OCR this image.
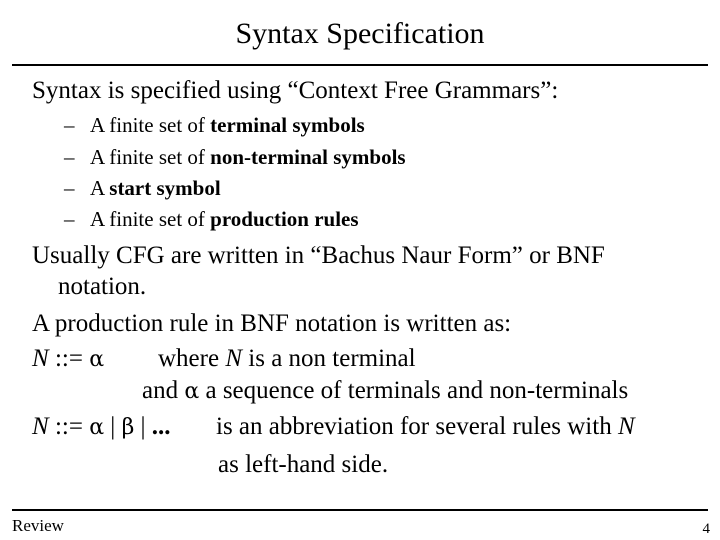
Syntax Specification
Syntax is specified using “Context Free Grammars”:
– A finite set of terminal symbols
– A finite set of non-terminal symbols
– A start symbol
– A finite set of production rules
Usually CFG are written in “Bachus Naur Form” or BNF
notation.
A production rule in BNF notation is written as:
N ::= α where N is a non terminal
and α a sequence of terminals and non-terminals
N ::= α | β | ... is an abbreviation for several rules with N
as left-hand side.
Review	4
